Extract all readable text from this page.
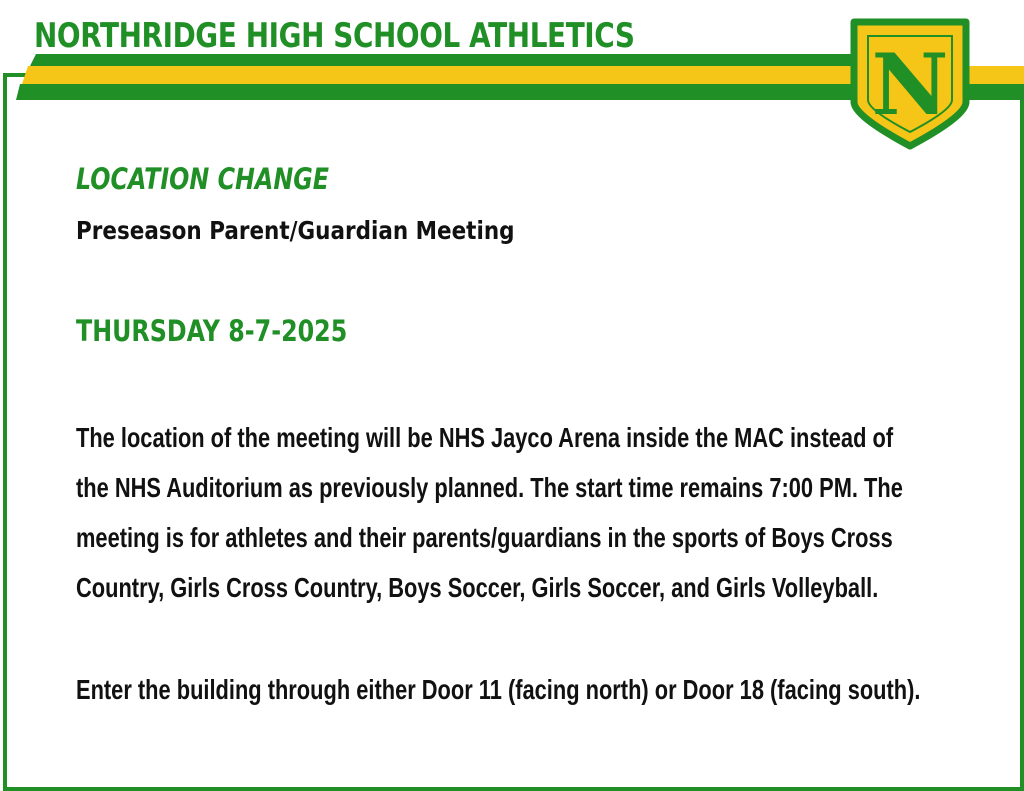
NORTHRIDGE HIGH SCHOOL ATHLETICS	N
LOCATION CHANGE
Preseason Parent/Guardian Meeting
THURSDAY 8-7-2025

The location of the meeting will be NHS Jayco Arena inside the MAC instead of

the NHS Auditorium as previously planned. The start time remains 7:00 PM. The

meeting is for athletes and their parents/guardians in the sports of Boys Cross

Country, Girls Cross Country, Boys Soccer, Girls Soccer, and Girls Volleyball.

Enter the building through either Door 11 (facing north) or Door 18 (facing south).
